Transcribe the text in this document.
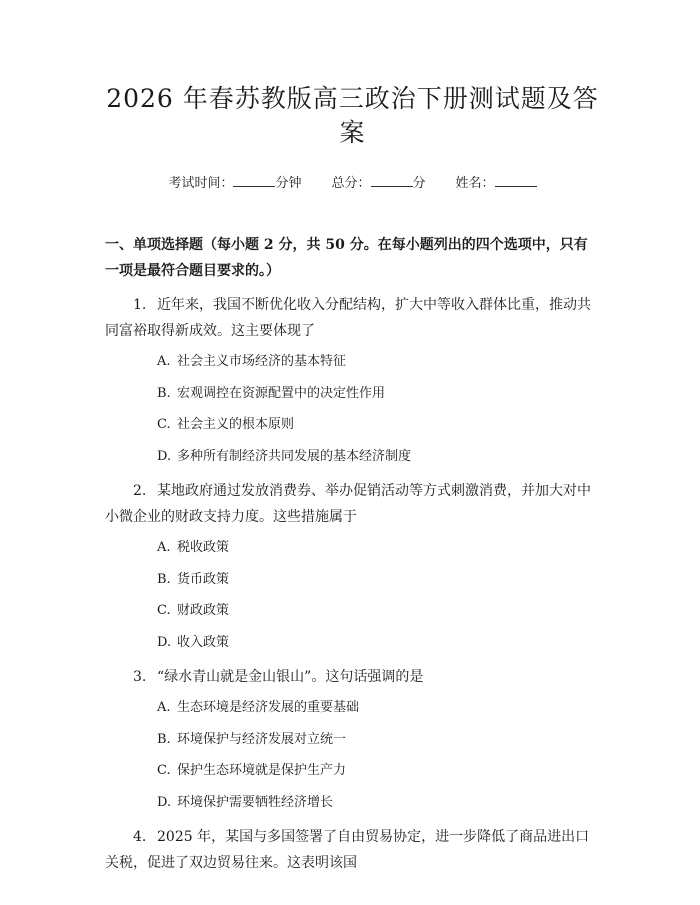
2026 年春苏教版高三政治下册测试题及答案
考试时间：	分钟 总分：	分 姓名：
一、单项选择题（每小题 2 分，共 50 分。在每小题列出的四个选项中，只有一项是最符合题目要求的。）
1. 近年来，我国不断优化收入分配结构，扩大中等收入群体比重，推动共同富裕取得新成效。这主要体现了
A. 社会主义市场经济的基本特征
B. 宏观调控在资源配置中的决定性作用
C. 社会主义的根本原则
D. 多种所有制经济共同发展的基本经济制度
2. 某地政府通过发放消费券、举办促销活动等方式刺激消费，并加大对中小微企业的财政支持力度。这些措施属于
A. 税收政策
B. 货币政策
C. 财政政策
D. 收入政策
3. “绿水青山就是金山银山”。这句话强调的是
A. 生态环境是经济发展的重要基础
B. 环境保护与经济发展对立统一
C. 保护生态环境就是保护生产力
D. 环境保护需要牺牲经济增长
4. 2025 年，某国与多国签署了自由贸易协定，进一步降低了商品进出口关税，促进了双边贸易往来。这表明该国
